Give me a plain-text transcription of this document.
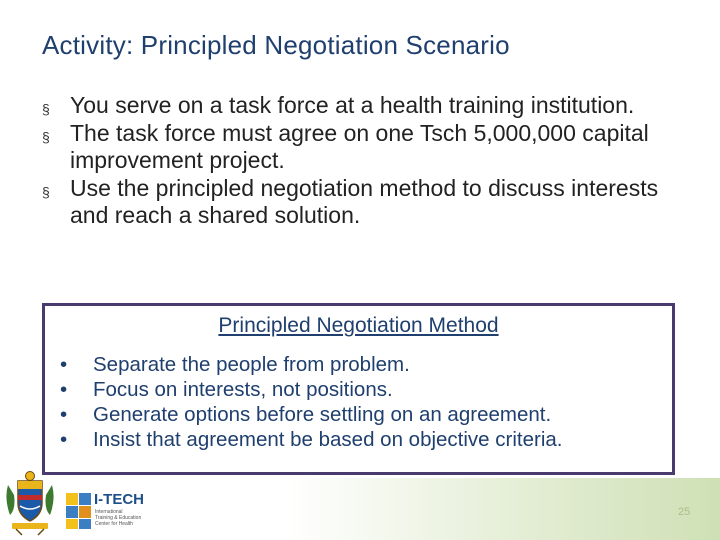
Activity: Principled Negotiation Scenario
§ You serve on a task force at a health training institution.
§ The task force must agree on one Tsch 5,000,000 capital improvement project.
§ Use the principled negotiation method to discuss interests and reach a shared solution.
Principled Negotiation Method
• Separate the people from problem.
• Focus on interests, not positions.
• Generate options before settling on an agreement.
• Insist that agreement be based on objective criteria.
I-TECH
International
Training & Education
Center for Health
25
